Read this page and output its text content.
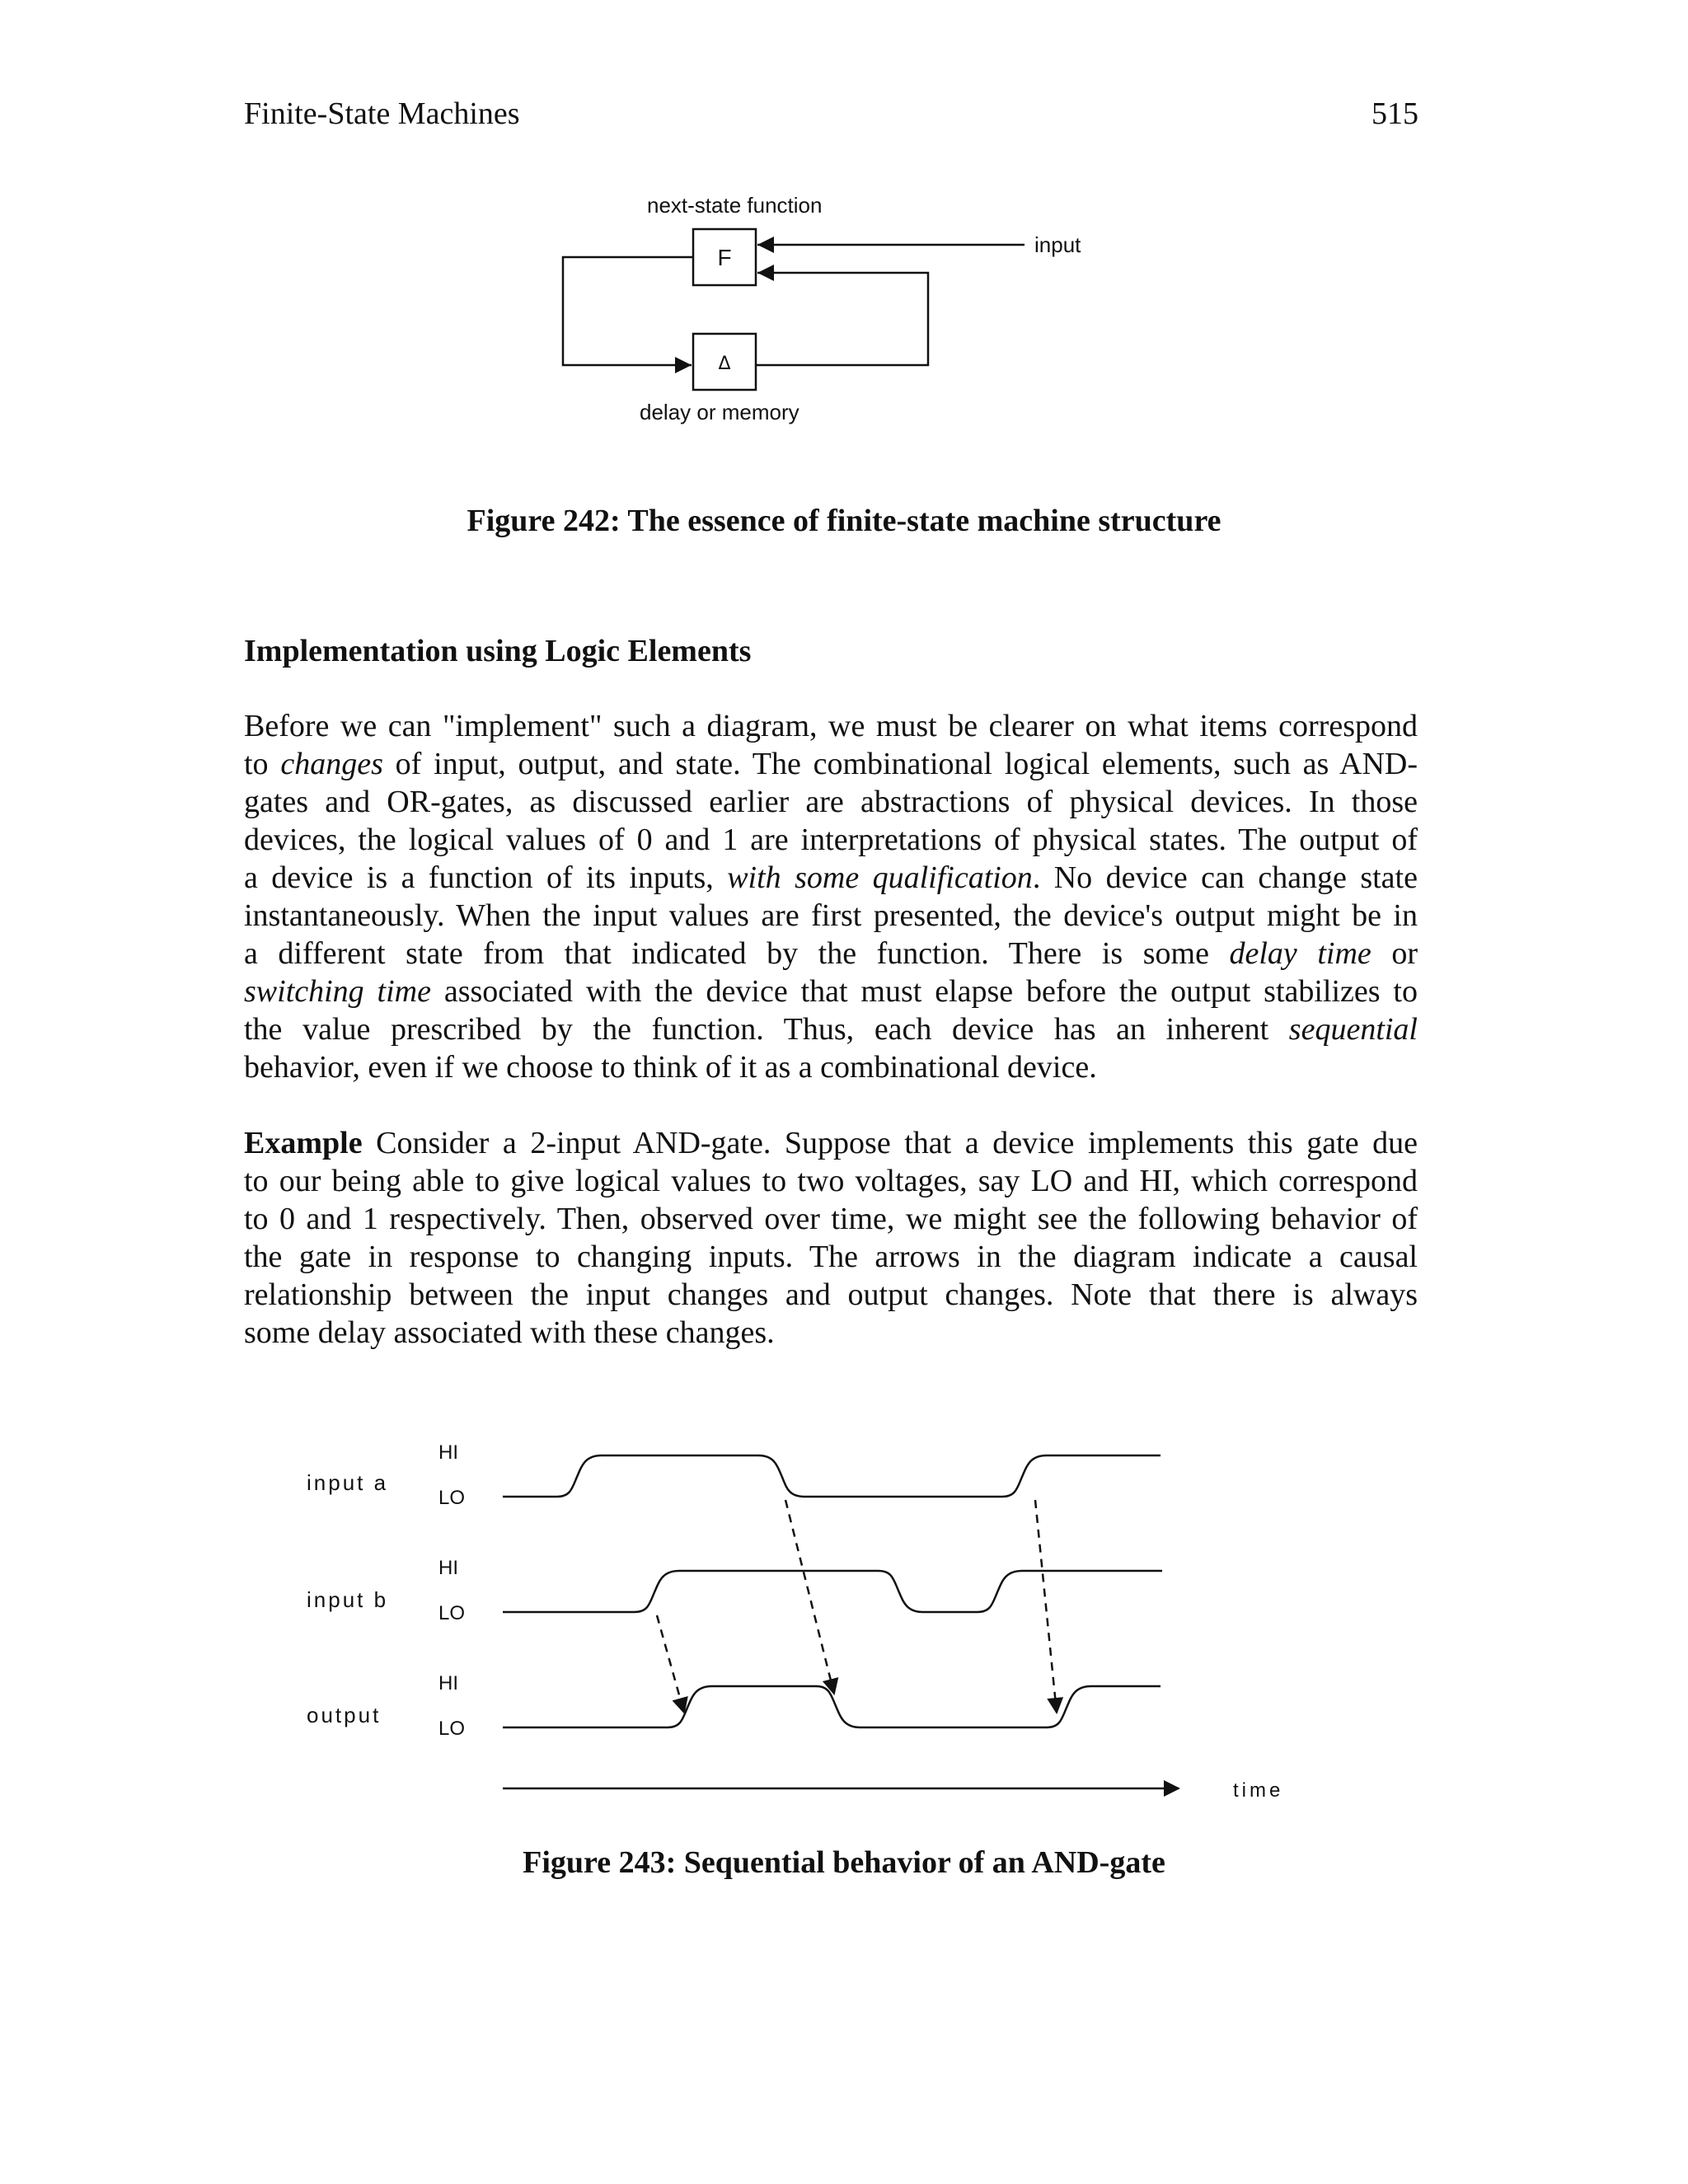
Finite-State Machines	515
next-state function
F	input
Δ
delay or memory
Figure 242: The essence of finite-state machine structure
Implementation using Logic Elements
Before we can "implement" such a diagram, we must be clearer on what items correspond
to changes of input, output, and state. The combinational logical elements, such as AND-
gates and OR-gates, as discussed earlier are abstractions of physical devices. In those
devices, the logical values of 0 and 1 are interpretations of physical states. The output of
a device is a function of its inputs, with some qualification. No device can change state
instantaneously. When the input values are first presented, the device's output might be in
a different state from that indicated by the function. There is some delay time or
switching time associated with the device that must elapse before the output stabilizes to
the value prescribed by the function. Thus, each device has an inherent sequential
behavior, even if we choose to think of it as a combinational device.
Example Consider a 2-input AND-gate. Suppose that a device implements this gate due
to our being able to give logical values to two voltages, say LO and HI, which correspond
to 0 and 1 respectively. Then, observed over time, we might see the following behavior of
the gate in response to changing inputs. The arrows in the diagram indicate a causal
relationship between the input changes and output changes. Note that there is always
some delay associated with these changes.
input a
HI
LO
input b
HI
LO
output
HI
LO
time
Figure 243: Sequential behavior of an AND-gate
